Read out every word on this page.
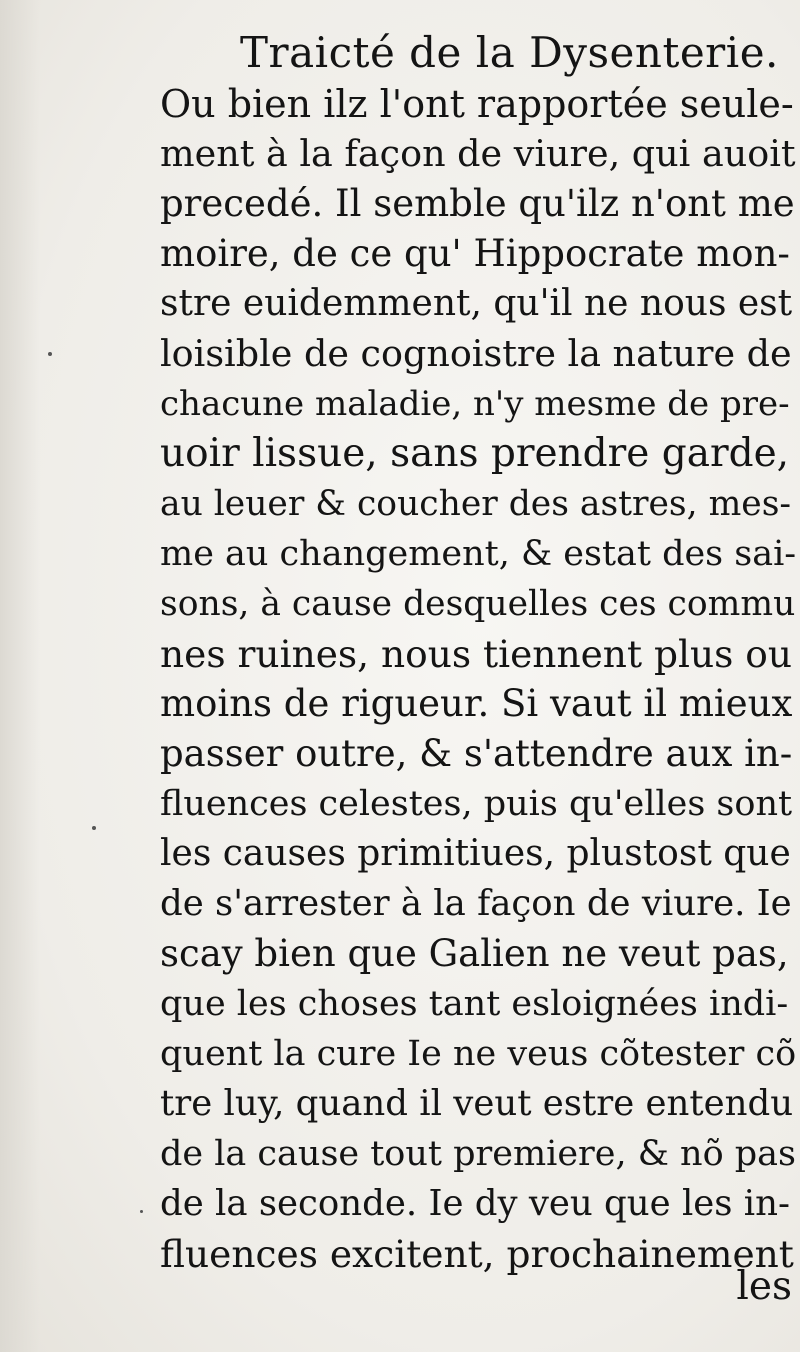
Traicté de la Dysenterie.
Ou bien ilz l'ont rapportée seule-
ment à la façon de viure, qui auoit
precedé. Il semble qu'ilz n'ont me
moire, de ce qu' Hippocrate mon-
stre euidemment, qu'il ne nous est
loisible de cognoistre la nature de
chacune maladie, n'y mesme de pre-
uoir lissue, sans prendre garde,
au leuer & coucher des astres, mes-
me au changement, & estat des sai-
sons, à cause desquelles ces commu
nes ruines, nous tiennent plus ou
moins de rigueur. Si vaut il mieux
passer outre, & s'attendre aux in-
fluences celestes, puis qu'elles sont
les causes primitiues, plustost que
de s'arrester à la façon de viure. Ie
scay bien que Galien ne veut pas,
que les choses tant esloignées indi-
quent la cure Ie ne veus cõtester cõ
tre luy, quand il veut estre entendu
de la cause tout premiere, & nõ pas
de la seconde. Ie dy veu que les in-
fluences excitent, prochainement
les
